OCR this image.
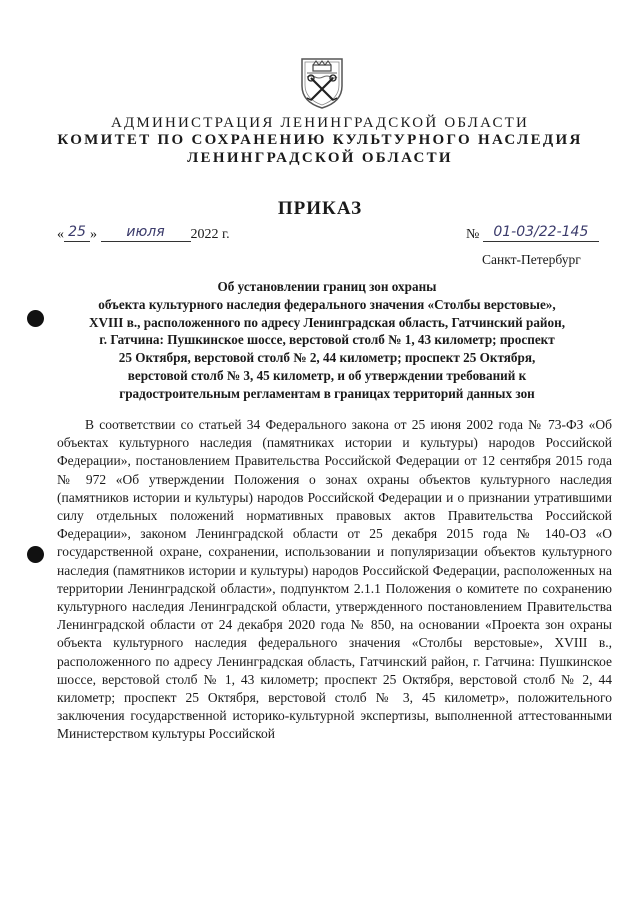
АДМИНИСТРАЦИЯ ЛЕНИНГРАДСКОЙ ОБЛАСТИ
КОМИТЕТ ПО СОХРАНЕНИЮ КУЛЬТУРНОГО НАСЛЕДИЯ
ЛЕНИНГРАДСКОЙ ОБЛАСТИ
ПРИКАЗ
« 25 » июля 2022 г.	№ 01-03/22-145
Санкт-Петербург
Об установлении границ зон охраны
объекта культурного наследия федерального значения «Столбы верстовые»,
XVIII в., расположенного по адресу Ленинградская область, Гатчинский район,
г. Гатчина: Пушкинское шоссе, верстовой столб № 1, 43 километр; проспект
25 Октября, верстовой столб № 2, 44 километр; проспект 25 Октября,
верстовой столб № 3, 45 километр, и об утверждении требований к
градостроительным регламентам в границах территорий данных зон

В соответствии со статьей 34 Федерального закона от 25 июня 2002 года № 73-ФЗ «Об объектах культурного наследия (памятниках истории и культуры) народов Российской Федерации», постановлением Правительства Российской Федерации от 12 сентября 2015 года № 972 «Об утверждении Положения о зонах охраны объектов культурного наследия (памятников истории и культуры) народов Российской Федерации и о признании утратившими силу отдельных положений нормативных правовых актов Правительства Российской Федерации», законом Ленинградской области от 25 декабря 2015 года № 140-ОЗ «О государственной охране, сохранении, использовании и популяризации объектов культурного наследия (памятников истории и культуры) народов Российской Федерации, расположенных на территории Ленинградской области», подпунктом 2.1.1 Положения о комитете по сохранению культурного наследия Ленинградской области, утвержденного постановлением Правительства Ленинградской области от 24 декабря 2020 года № 850, на основании «Проекта зон охраны объекта культурного наследия федерального значения «Столбы верстовые», XVIII в., расположенного по адресу Ленинградская область, Гатчинский район, г. Гатчина: Пушкинское шоссе, верстовой столб № 1, 43 километр; проспект 25 Октября, верстовой столб № 2, 44 километр; проспект 25 Октября, верстовой столб № 3, 45 километр», положительного заключения государственной историко-культурной экспертизы, выполненной аттестованными Министерством культуры Российской
